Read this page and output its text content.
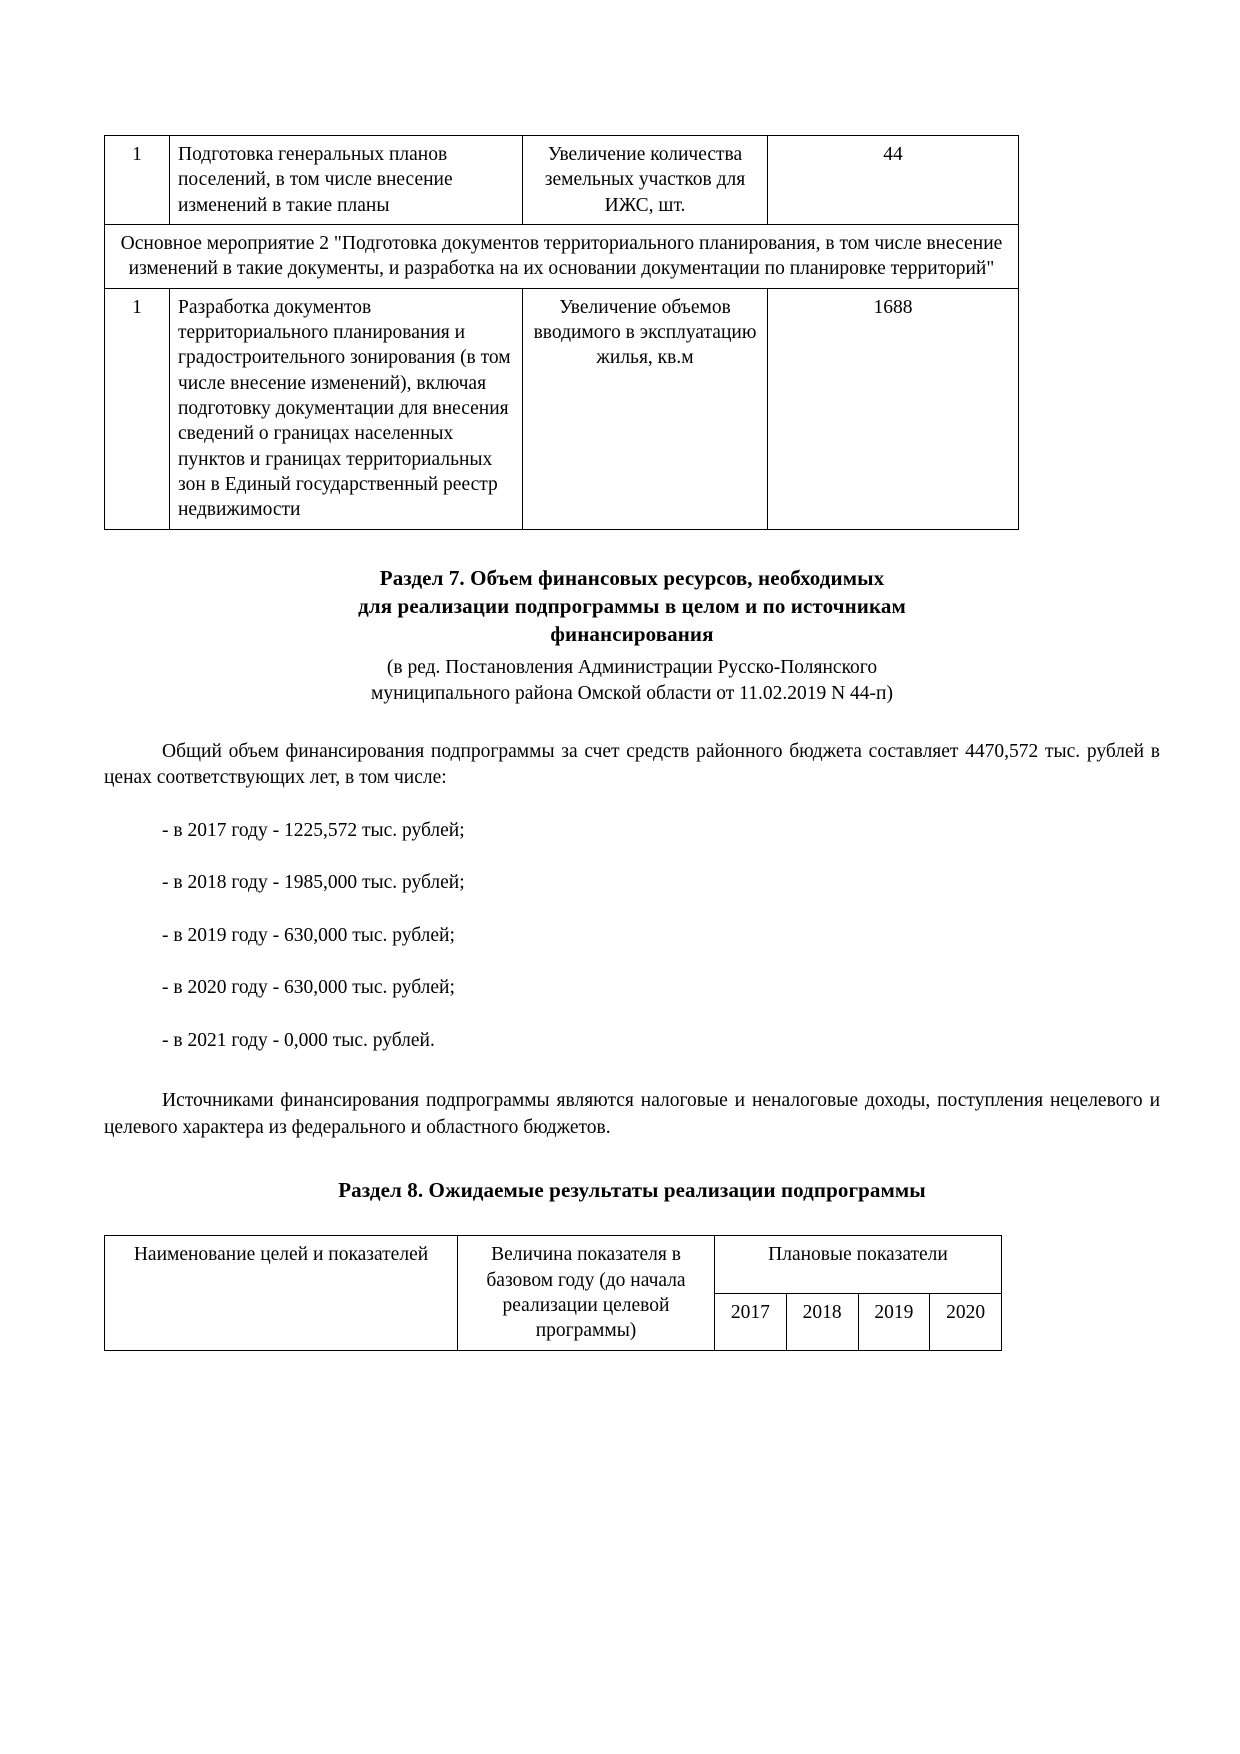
1	Подготовка генеральных планов поселений, в том числе внесение изменений в такие планы	Увеличение количества земельных участков для ИЖС, шт.	44
Основное мероприятие 2 "Подготовка документов территориального планирования, в том числе внесение изменений в такие документы, и разработка на их основании документации по планировке территорий"			
1	Разработка документов территориального планирования и градостроительного зонирования (в том числе внесение изменений), включая подготовку документации для внесения сведений о границах населенных пунктов и границах территориальных зон в Единый государственный реестр недвижимости	Увеличение объемов вводимого в эксплуатацию жилья, кв.м	1688
Раздел 7. Объем финансовых ресурсов, необходимых
для реализации подпрограммы в целом и по источникам
финансирования
(в ред. Постановления Администрации Русско-Полянского
муниципального района Омской области от 11.02.2019 N 44-п)

Общий объем финансирования подпрограммы за счет средств районного бюджета составляет 4470,572 тыс. рублей в ценах соответствующих лет, в том числе:

- в 2017 году - 1225,572 тыс. рублей;
- в 2018 году - 1985,000 тыс. рублей;
- в 2019 году - 630,000 тыс. рублей;
- в 2020 году - 630,000 тыс. рублей;
- в 2021 году - 0,000 тыс. рублей.

Источниками финансирования подпрограммы являются налоговые и неналоговые доходы, поступления нецелевого и целевого характера из федерального и областного бюджетов.

Раздел 8. Ожидаемые результаты реализации подпрограммы
Наименование целей и показателей	Величина показателя в базовом году (до начала реализации целевой программы)	Плановые показатели			
		2017	2018	2019	2020
